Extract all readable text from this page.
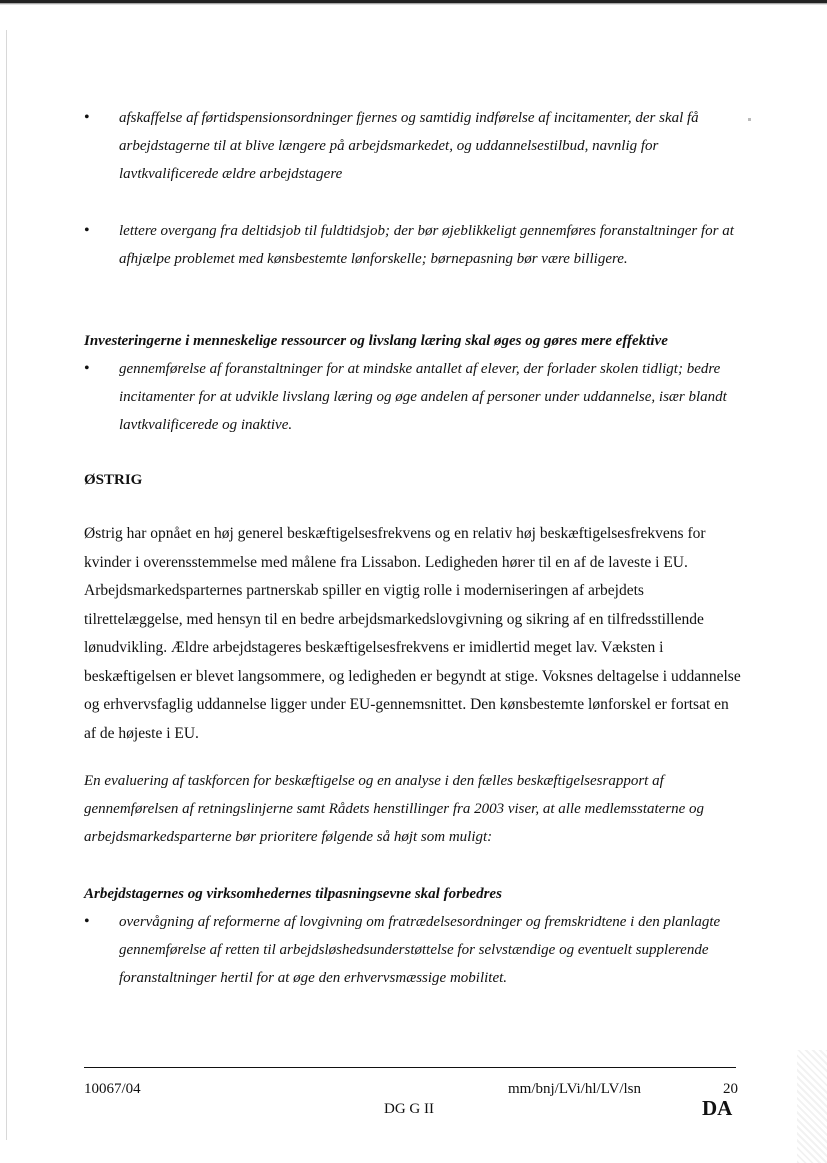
• afskaffelse af førtidspensionsordninger fjernes og samtidig indførelse af incitamenter, der skal få arbejdstagerne til at blive længere på arbejdsmarkedet, og uddannelsestilbud, navnlig for lavtkvalificerede ældre arbejdstagere
• lettere overgang fra deltidsjob til fuldtidsjob; der bør øjeblikkeligt gennemføres foranstaltninger for at afhjælpe problemet med kønsbestemte lønforskelle; børnepasning bør være billigere.
Investeringerne i menneskelige ressourcer og livslang læring skal øges og gøres mere effektive
• gennemførelse af foranstaltninger for at mindske antallet af elever, der forlader skolen tidligt; bedre incitamenter for at udvikle livslang læring og øge andelen af personer under uddannelse, især blandt lavtkvalificerede og inaktive.
ØSTRIG
Østrig har opnået en høj generel beskæftigelsesfrekvens og en relativ høj beskæftigelsesfrekvens for kvinder i overensstemmelse med målene fra Lissabon. Ledigheden hører til en af de laveste i EU. Arbejdsmarkedsparternes partnerskab spiller en vigtig rolle i moderniseringen af arbejdets tilrettelæggelse, med hensyn til en bedre arbejdsmarkedslovgivning og sikring af en tilfredsstillende lønudvikling. Ældre arbejdstageres beskæftigelsesfrekvens er imidlertid meget lav. Væksten i beskæftigelsen er blevet langsommere, og ledigheden er begyndt at stige. Voksnes deltagelse i uddannelse og erhvervsfaglig uddannelse ligger under EU-gennemsnittet. Den kønsbestemte lønforskel er fortsat en af de højeste i EU.
En evaluering af taskforcen for beskæftigelse og en analyse i den fælles beskæftigelsesrapport af gennemførelsen af retningslinjerne samt Rådets henstillinger fra 2003 viser, at alle medlemsstaterne og arbejdsmarkedsparterne bør prioritere følgende så højt som muligt:
Arbejdstagernes og virksomhedernes tilpasningsevne skal forbedres
• overvågning af reformerne af lovgivning om fratrædelsesordninger og fremskridtene i den planlagte gennemførelse af retten til arbejdsløshedsunderstøttelse for selvstændige og eventuelt supplerende foranstaltninger hertil for at øge den erhvervsmæssige mobilitet.
10067/04	mm/bnj/LVi/hl/LV/lsn	20
DG G II	DA
